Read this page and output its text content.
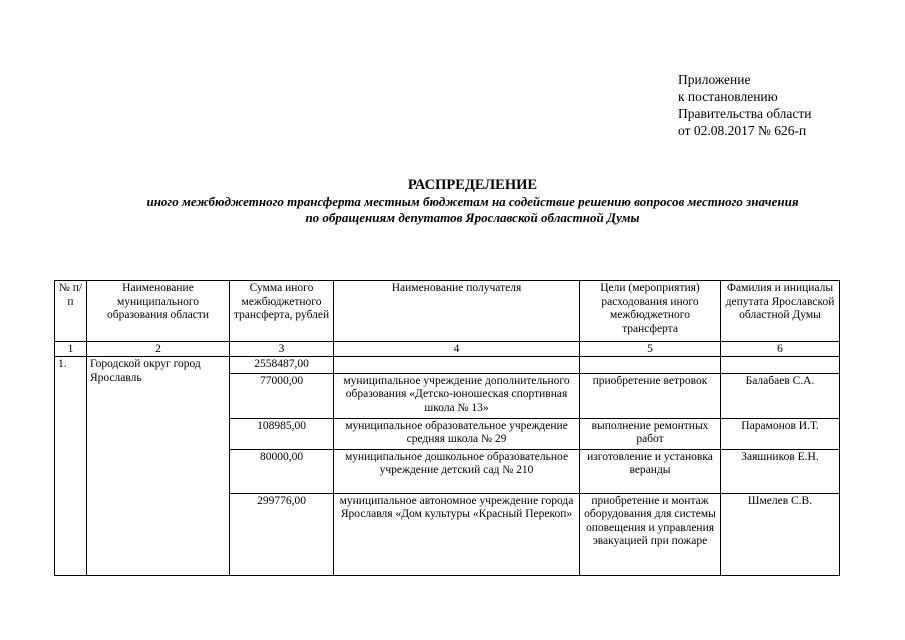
Приложение
к постановлению
Правительства области
от 02.08.2017 № 626-п
РАСПРЕДЕЛЕНИЕ
иного межбюджетного трансферта местным бюджетам на содействие решению вопросов местного значения
по обращениям депутатов Ярославской областной Думы
№ п/п	Наименование муниципального образования области	Сумма иного межбюджетного трансферта, рублей	Наименование получателя	Цели (мероприятия) расходования иного межбюджетного трансферта	Фамилия и инициалы депутата Ярославской областной Думы
1	2	3	4	5	6
1.	Городской округ город Ярославль	2558487,00			
		77000,00	муниципальное учреждение дополнительного образования «Детско-юношеская спортивная школа № 13»	приобретение ветровок	Балабаев С.А.
		108985,00	муниципальное образовательное учреждение средняя школа № 29	выполнение ремонтных работ	Парамонов И.Т.
		80000,00	муниципальное дошкольное образовательное учреждение детский сад № 210	изготовление и установка веранды	Заяшников Е.Н.
		299776,00	муниципальное автономное учреждение города Ярославля «Дом культуры «Красный Перекоп»	приобретение и монтаж оборудования для системы оповещения и управления эвакуацией при пожаре	Шмелев С.В.
